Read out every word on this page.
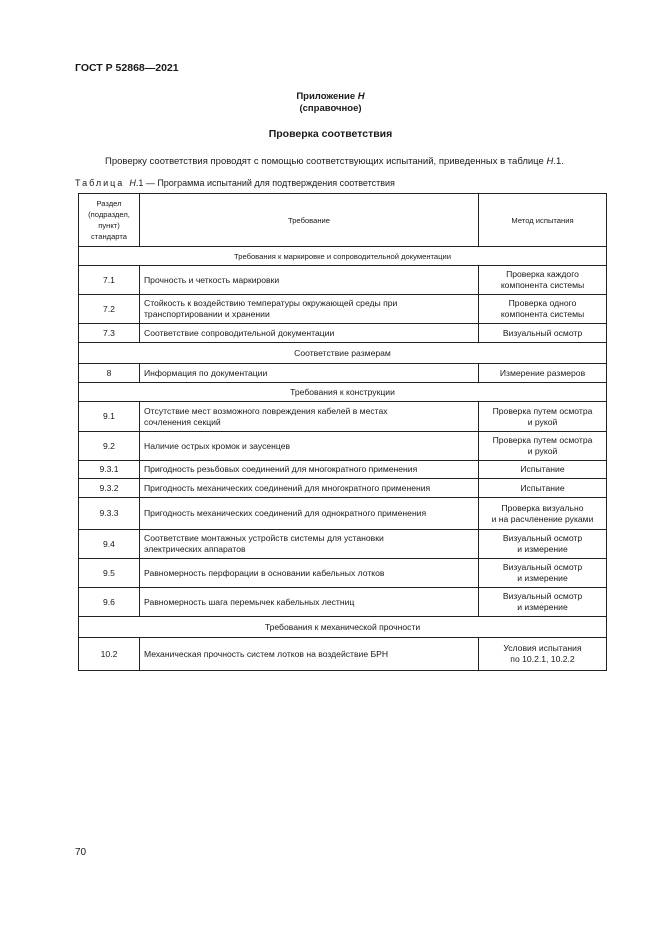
ГОСТ Р 52868—2021
Приложение Н
(справочное)
Проверка соответствия
Проверку соответствия проводят с помощью соответствующих испытаний, приведенных в таблице Н.1.
Таблица Н.1 — Программа испытаний для подтверждения соответствия
Раздел
(подраздел,
пункт)
стандарта	Требование	Метод испытания
Требования к маркировке и сопроводительной документации		
7.1	Прочность и четкость маркировки	Проверка каждого
компонента системы
7.2	Стойкость к воздействию температуры окружающей среды при
транспортировании и хранении	Проверка одного
компонента системы
7.3	Соответствие сопроводительной документации	Визуальный осмотр
Соответствие размерам		
8	Информация по документации	Измерение размеров
Требования к конструкции		
9.1	Отсутствие мест возможного повреждения кабелей в местах
сочленения секций	Проверка путем осмотра
и рукой
9.2	Наличие острых кромок и заусенцев	Проверка путем осмотра
и рукой
9.3.1	Пригодность резьбовых соединений для многократного применения	Испытание
9.3.2	Пригодность механических соединений для многократного применения	Испытание
9.3.3	Пригодность механических соединений для однократного применения	Проверка визуально
и на расчленение руками
9.4	Соответствие монтажных устройств системы для установки
электрических аппаратов	Визуальный осмотр
и измерение
9.5	Равномерность перфорации в основании кабельных лотков	Визуальный осмотр
и измерение
9.6	Равномерность шага перемычек кабельных лестниц	Визуальный осмотр
и измерение
Требования к механической прочности		
10.2	Механическая прочность систем лотков на воздействие БРН	Условия испытания
по 10.2.1, 10.2.2
70
